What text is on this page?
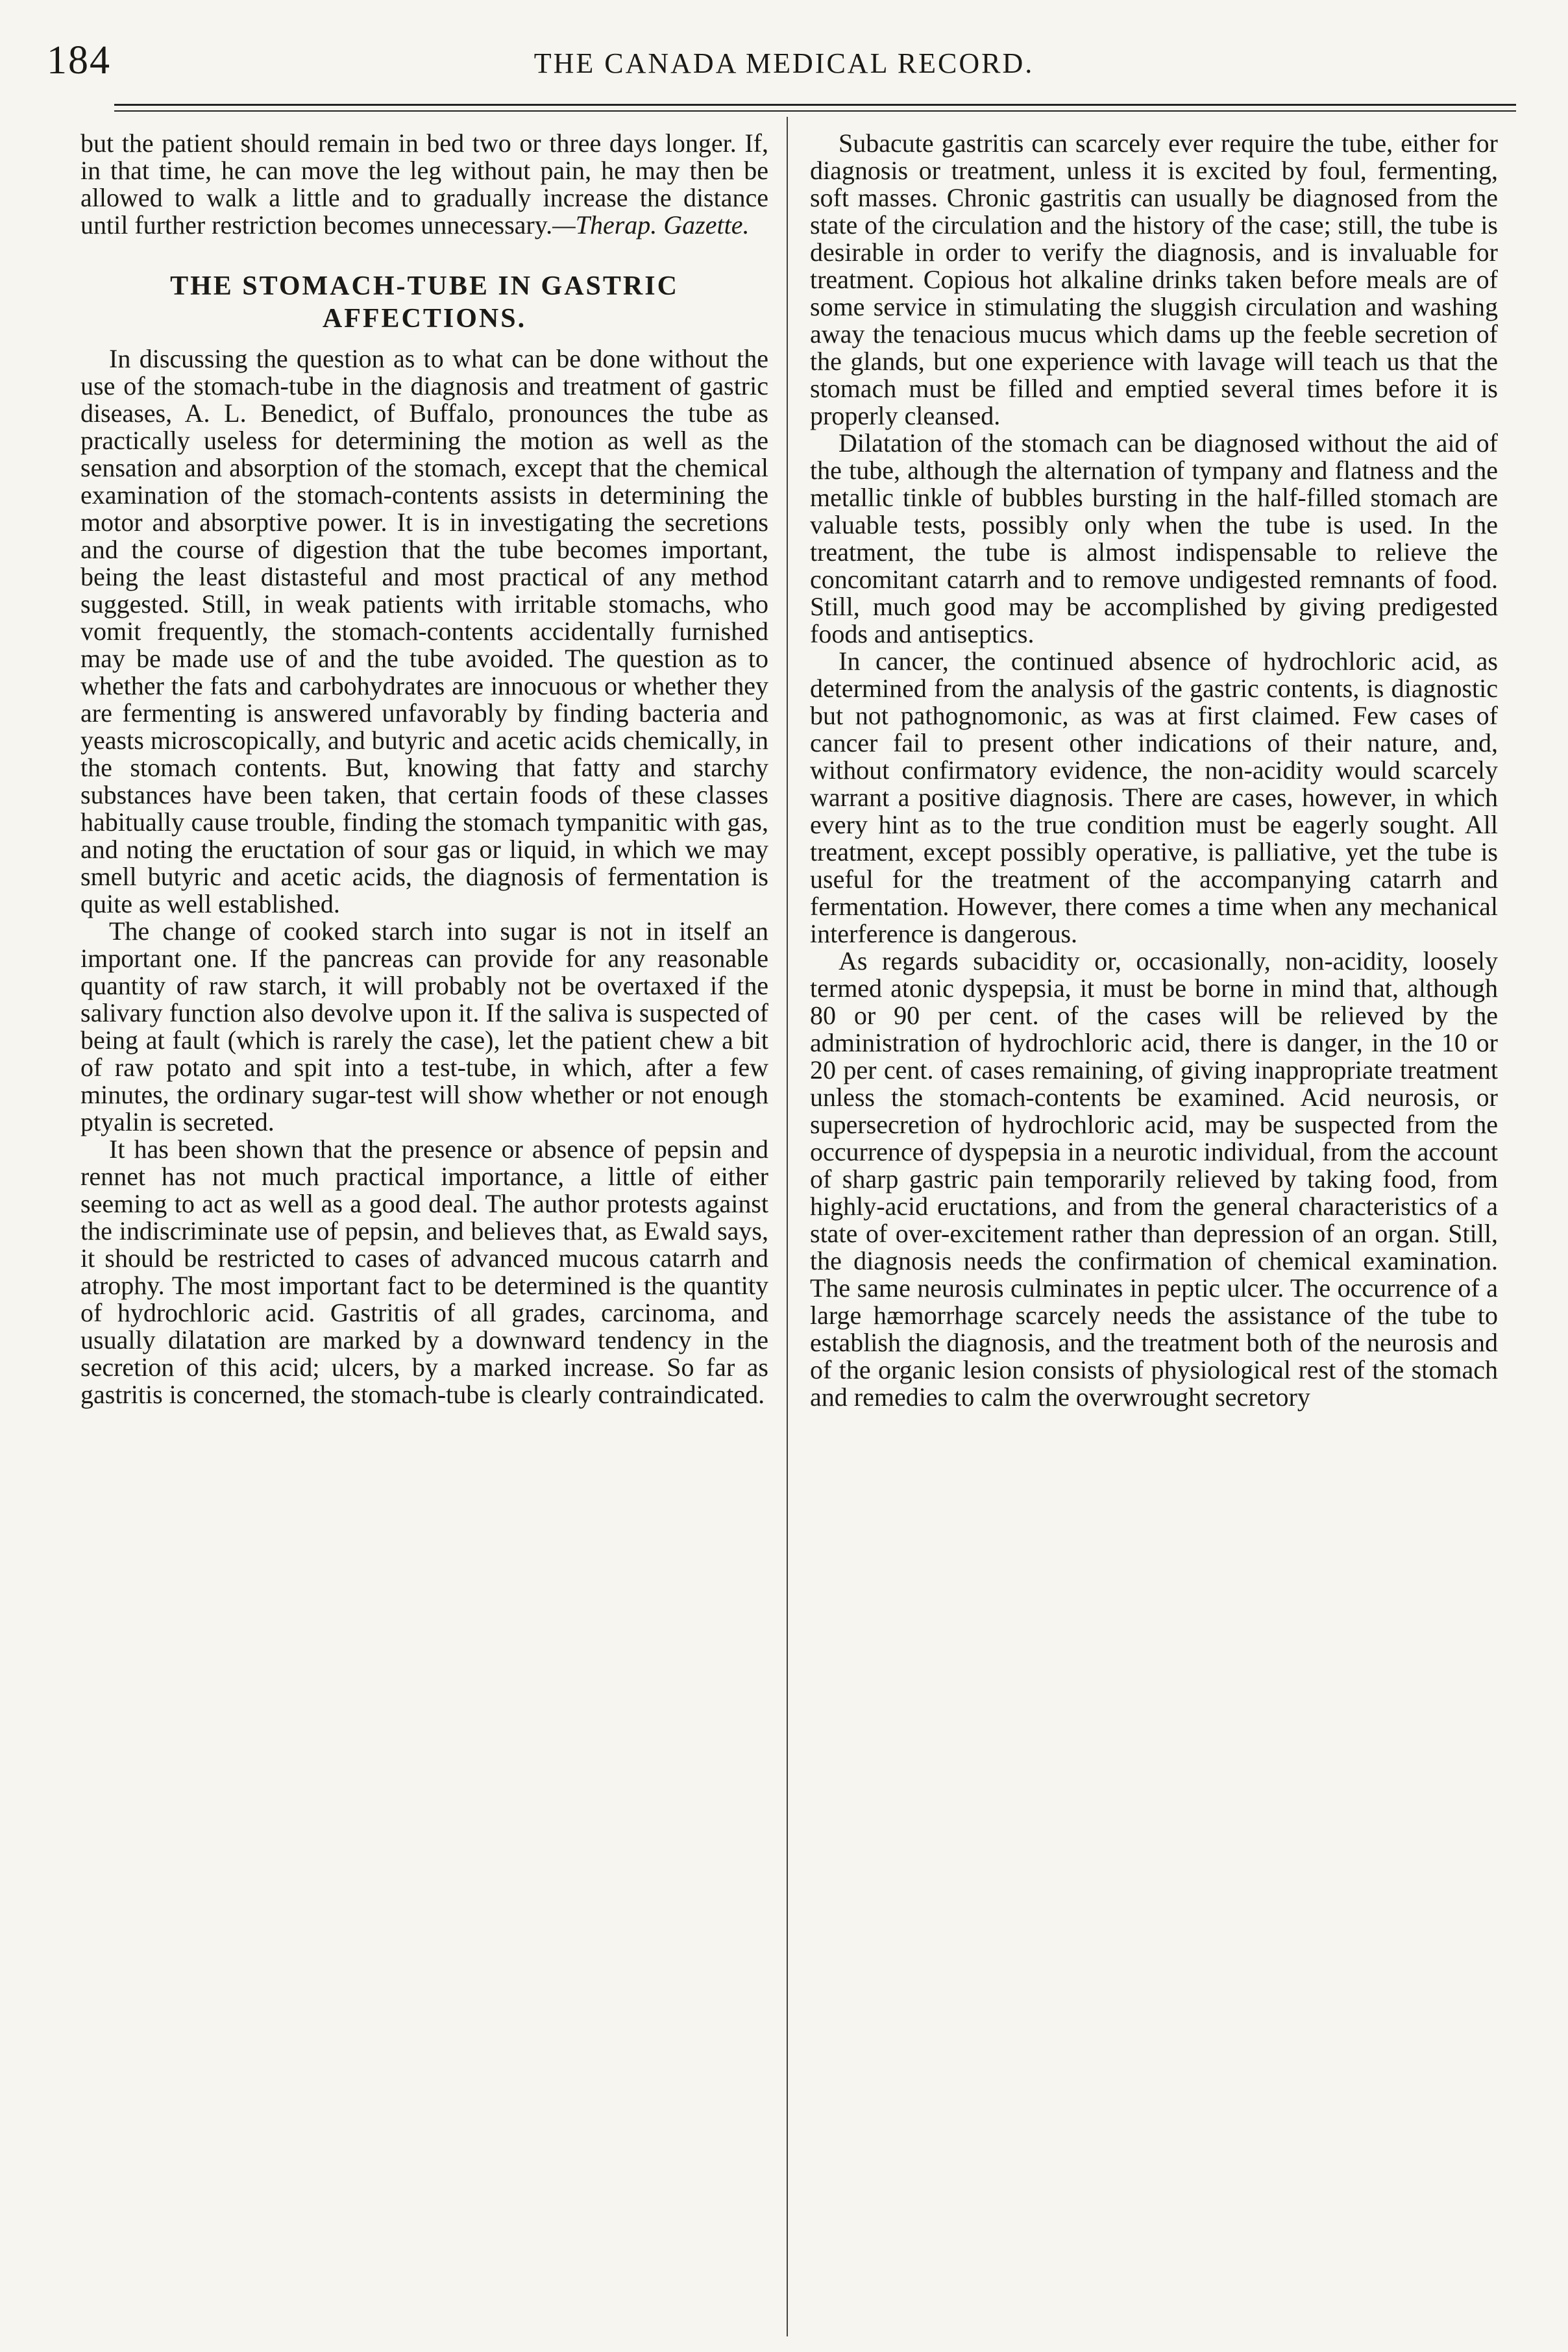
184	THE CANADA MEDICAL RECORD.

but the patient should remain in bed two or three days longer. If, in that time, he can move the leg without pain, he may then be allowed to walk a little and to gradually increase the distance until further restriction becomes unnecessary.—Therap. Gazette.

THE STOMACH-TUBE IN GASTRIC AFFECTIONS.

In discussing the question as to what can be done without the use of the stomach-tube in the diagnosis and treatment of gastric diseases, A. L. Benedict, of Buffalo, pronounces the tube as practically useless for determining the motion as well as the sensation and absorption of the stomach, except that the chemical examination of the stomach-contents assists in determining the motor and absorptive power. It is in investigating the secretions and the course of digestion that the tube becomes important, being the least distasteful and most practical of any method suggested. Still, in weak patients with irritable stomachs, who vomit frequently, the stomach-contents accidentally furnished may be made use of and the tube avoided. The question as to whether the fats and carbohydrates are innocuous or whether they are fermenting is answered unfavorably by finding bacteria and yeasts microscopically, and butyric and acetic acids chemically, in the stomach contents. But, knowing that fatty and starchy substances have been taken, that certain foods of these classes habitually cause trouble, finding the stomach tympanitic with gas, and noting the eructation of sour gas or liquid, in which we may smell butyric and acetic acids, the diagnosis of fermentation is quite as well established.

The change of cooked starch into sugar is not in itself an important one. If the pancreas can provide for any reasonable quantity of raw starch, it will probably not be overtaxed if the salivary function also devolve upon it. If the saliva is suspected of being at fault (which is rarely the case), let the patient chew a bit of raw potato and spit into a test-tube, in which, after a few minutes, the ordinary sugar-test will show whether or not enough ptyalin is secreted.

It has been shown that the presence or absence of pepsin and rennet has not much practical importance, a little of either seeming to act as well as a good deal. The author protests against the indiscriminate use of pepsin, and believes that, as Ewald says, it should be restricted to cases of advanced mucous catarrh and atrophy. The most important fact to be determined is the quantity of hydrochloric acid. Gastritis of all grades, carcinoma, and usually dilatation are marked by a downward tendency in the secretion of this acid; ulcers, by a marked increase. So far as gastritis is concerned, the stomach-tube is clearly contraindicated.

Subacute gastritis can scarcely ever require the tube, either for diagnosis or treatment, unless it is excited by foul, fermenting, soft masses. Chronic gastritis can usually be diagnosed from the state of the circulation and the history of the case; still, the tube is desirable in order to verify the diagnosis, and is invaluable for treatment. Copious hot alkaline drinks taken before meals are of some service in stimulating the sluggish circulation and washing away the tenacious mucus which dams up the feeble secretion of the glands, but one experience with lavage will teach us that the stomach must be filled and emptied several times before it is properly cleansed.

Dilatation of the stomach can be diagnosed without the aid of the tube, although the alternation of tympany and flatness and the metallic tinkle of bubbles bursting in the half-filled stomach are valuable tests, possibly only when the tube is used. In the treatment, the tube is almost indispensable to relieve the concomitant catarrh and to remove undigested remnants of food. Still, much good may be accomplished by giving predigested foods and antiseptics.

In cancer, the continued absence of hydrochloric acid, as determined from the analysis of the gastric contents, is diagnostic but not pathognomonic, as was at first claimed. Few cases of cancer fail to present other indications of their nature, and, without confirmatory evidence, the non-acidity would scarcely warrant a positive diagnosis. There are cases, however, in which every hint as to the true condition must be eagerly sought. All treatment, except possibly operative, is palliative, yet the tube is useful for the treatment of the accompanying catarrh and fermentation. However, there comes a time when any mechanical interference is dangerous.

As regards subacidity or, occasionally, non-acidity, loosely termed atonic dyspepsia, it must be borne in mind that, although 80 or 90 per cent. of the cases will be relieved by the administration of hydrochloric acid, there is danger, in the 10 or 20 per cent. of cases remaining, of giving inappropriate treatment unless the stomach-contents be examined. Acid neurosis, or supersecretion of hydrochloric acid, may be suspected from the occurrence of dyspepsia in a neurotic individual, from the account of sharp gastric pain temporarily relieved by taking food, from highly-acid eructations, and from the general characteristics of a state of over-excitement rather than depression of an organ. Still, the diagnosis needs the confirmation of chemical examination. The same neurosis culminates in peptic ulcer. The occurrence of a large hæmorrhage scarcely needs the assistance of the tube to establish the diagnosis, and the treatment both of the neurosis and of the organic lesion consists of physiological rest of the stomach and remedies to calm the overwrought secretory
